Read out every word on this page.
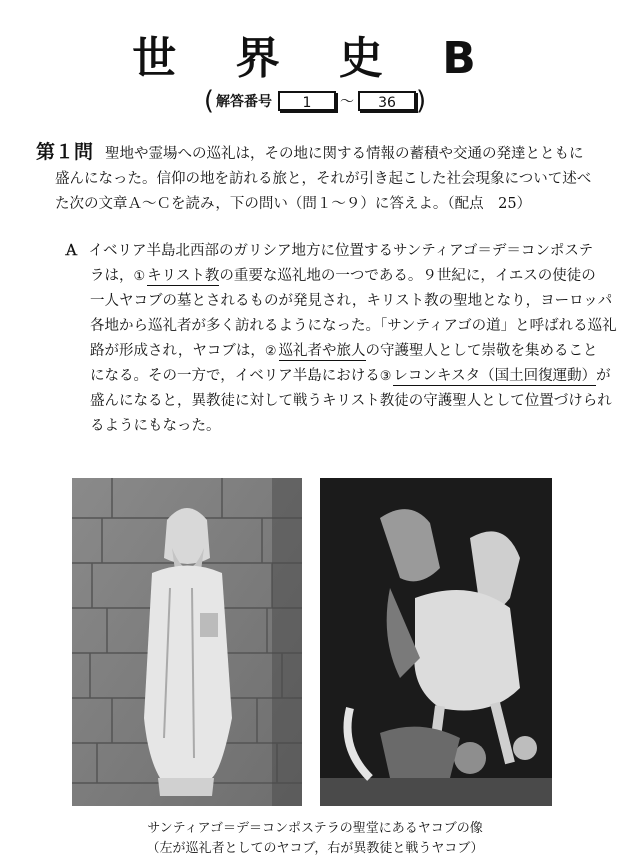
世 界 史 B
( 解答番号	1	〜	36 )
第１問 聖地や霊場への巡礼は，その地に関する情報の蓄積や交通の発達とともに
盛んになった。信仰の地を訪れる旅と，それが引き起こした社会現象について述べ
た次の文章Ａ〜Ｃを読み，下の問い（問１〜９）に答えよ。（配点　25）
Ａ イベリア半島北西部のガリシア地方に位置するサンティアゴ＝デ＝コンポステ
ラは，① キリスト教の重要な巡礼地の一つである。９世紀に，イエスの使徒の
一人ヤコブの墓とされるものが発見され，キリスト教の聖地となり，ヨーロッパ
各地から巡礼者が多く訪れるようになった。「サンティアゴの道」と呼ばれる巡礼
路が形成され，ヤコブは，② 巡礼者や旅人の守護聖人として崇敬を集めること
になる。その一方で，イベリア半島における③ レコンキスタ（国土回復運動）が
盛んになると，異教徒に対して戦うキリスト教徒の守護聖人として位置づけられ
るようにもなった。
サンティアゴ＝デ＝コンポステラの聖堂にあるヤコブの像
（左が巡礼者としてのヤコブ，右が異教徒と戦うヤコブ）
